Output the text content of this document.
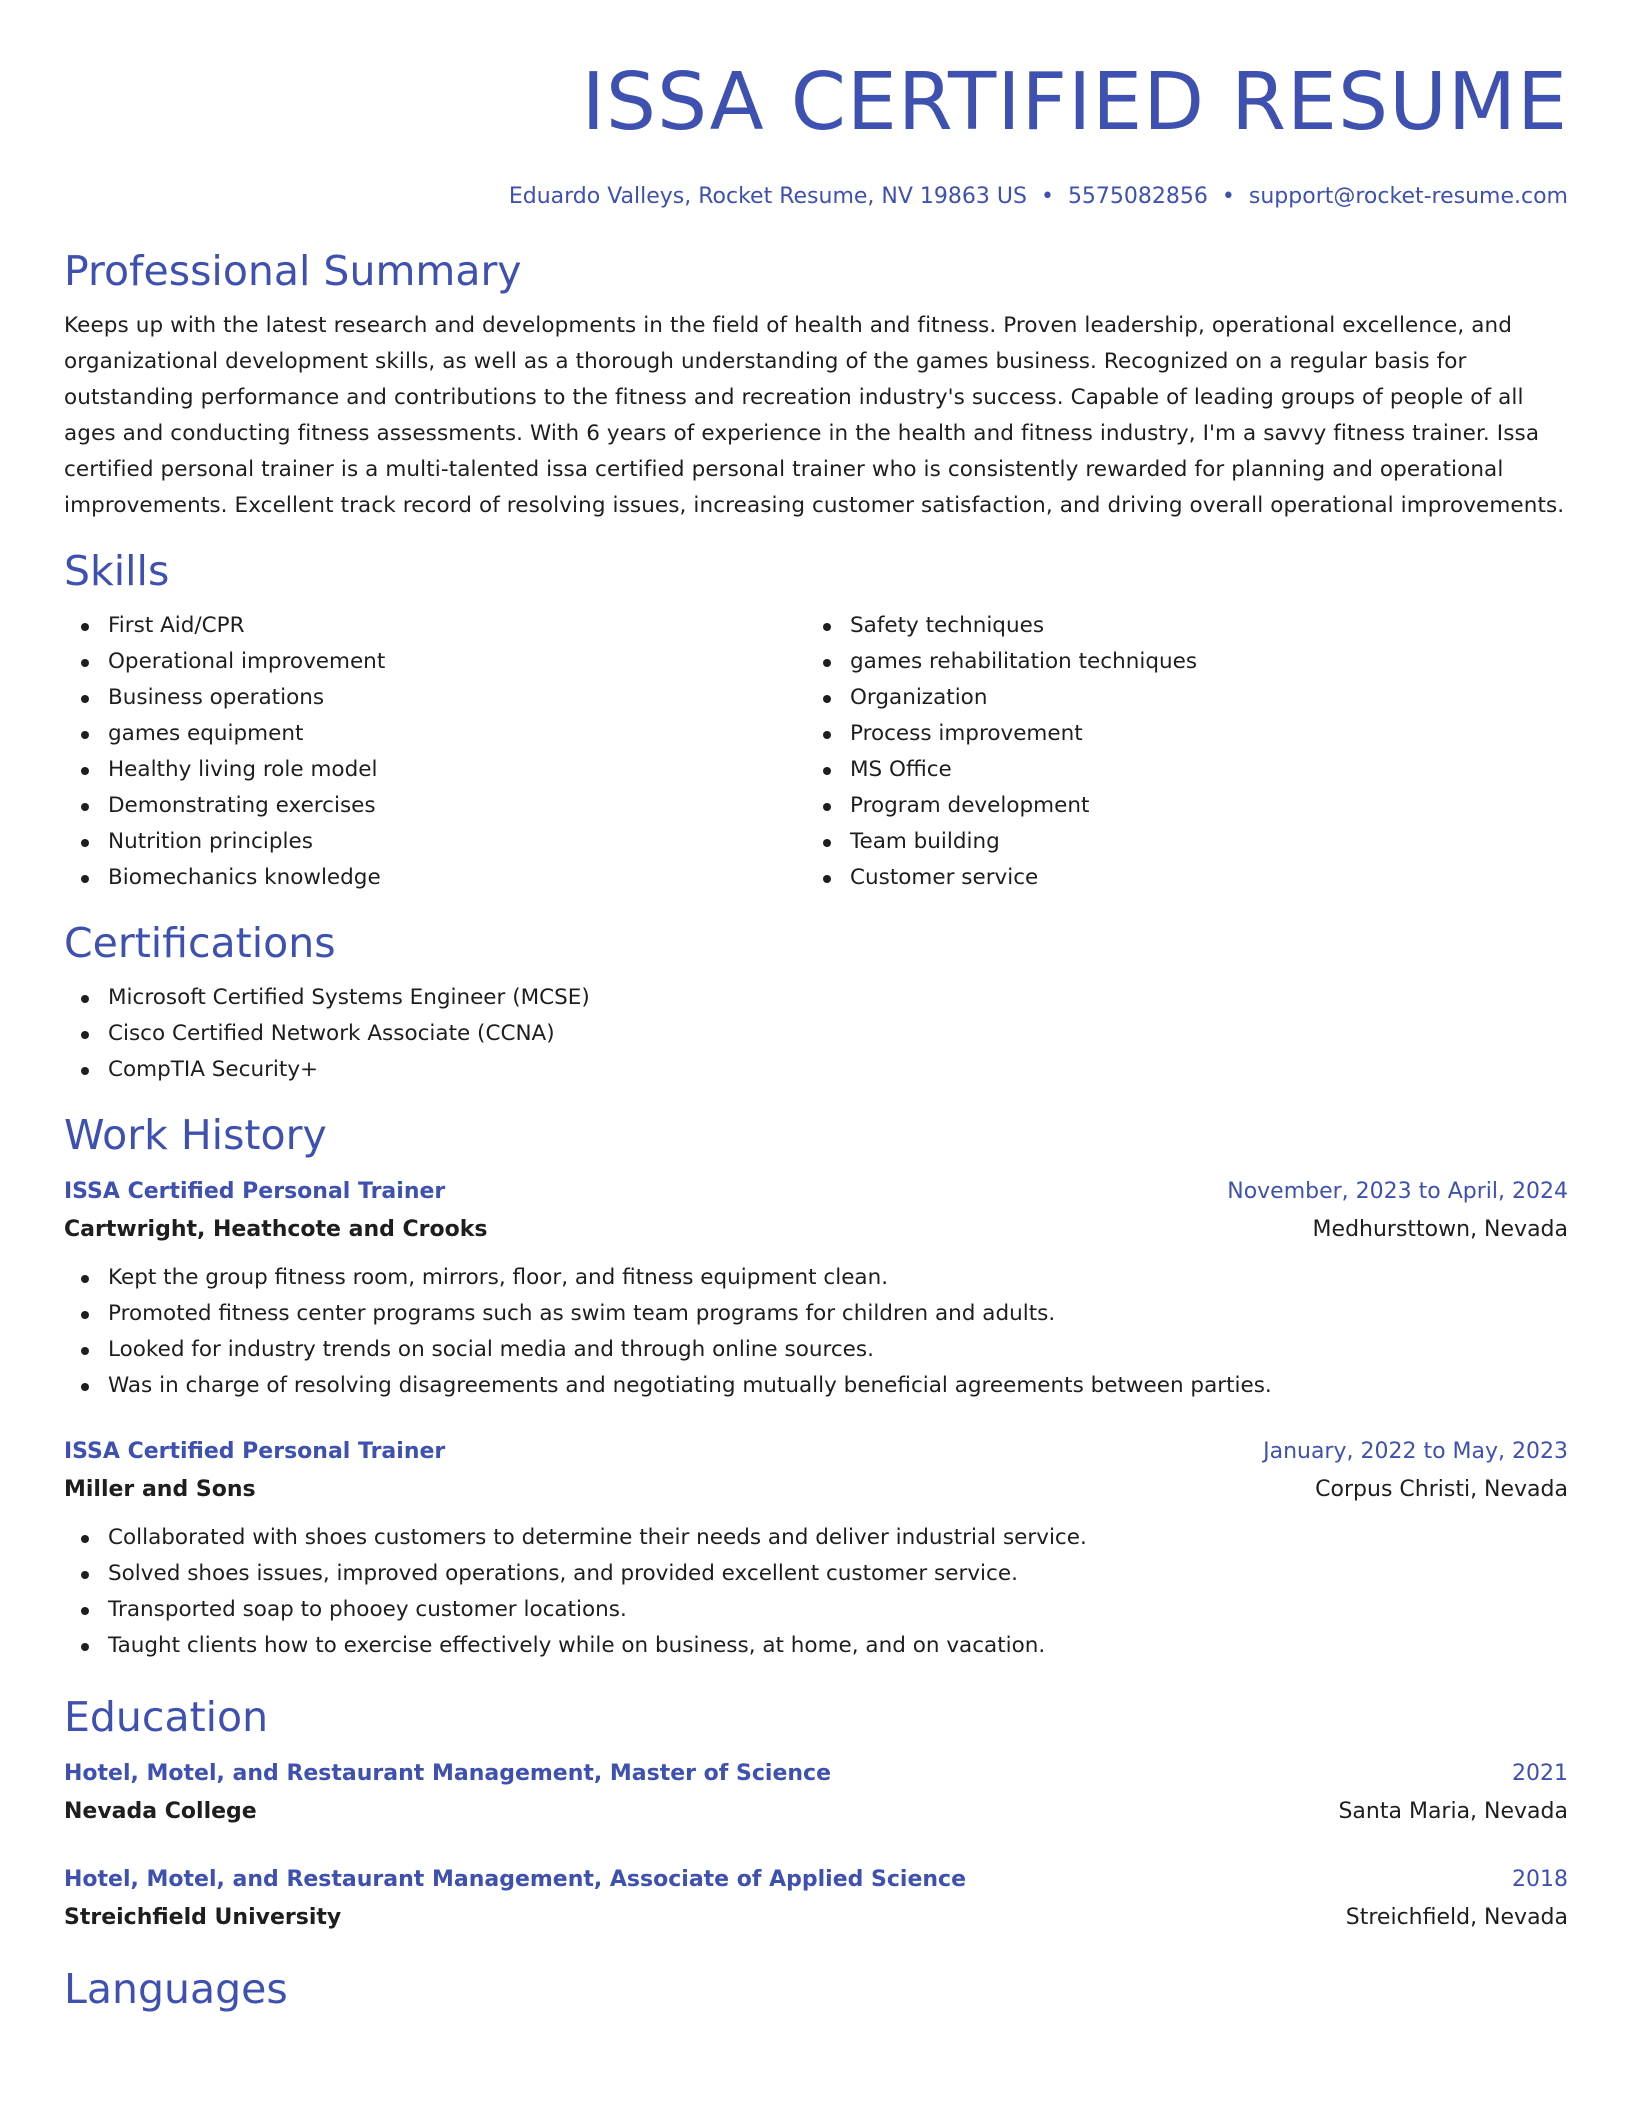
ISSA CERTIFIED RESUME
Eduardo Valleys, Rocket Resume, NV 19863 US • 5575082856 • support@rocket-resume.com
Professional Summary

Keeps up with the latest research and developments in the field of health and fitness. Proven leadership, operational excellence, and organizational development skills, as well as a thorough understanding of the games business. Recognized on a regular basis for outstanding performance and contributions to the fitness and recreation industry's success. Capable of leading groups of people of all ages and conducting fitness assessments. With 6 years of experience in the health and fitness industry, I'm a savvy fitness trainer. Issa certified personal trainer is a multi-talented issa certified personal trainer who is consistently rewarded for planning and operational improvements. Excellent track record of resolving issues, increasing customer satisfaction, and driving overall operational improvements.

Skills
First Aid/CPR
Operational improvement
Business operations
games equipment
Healthy living role model
Demonstrating exercises
Nutrition principles
Biomechanics knowledge
Safety techniques
games rehabilitation techniques
Organization
Process improvement
MS Office
Program development
Team building
Customer service
Certifications
Microsoft Certified Systems Engineer (MCSE)
Cisco Certified Network Associate (CCNA)
CompTIA Security+
Work History
ISSA Certified Personal Trainer	November, 2023 to April, 2024
Cartwright, Heathcote and Crooks	Medhursttown, Nevada
Kept the group fitness room, mirrors, floor, and fitness equipment clean.
Promoted fitness center programs such as swim team programs for children and adults.
Looked for industry trends on social media and through online sources.
Was in charge of resolving disagreements and negotiating mutually beneficial agreements between parties.
ISSA Certified Personal Trainer	January, 2022 to May, 2023
Miller and Sons	Corpus Christi, Nevada
Collaborated with shoes customers to determine their needs and deliver industrial service.
Solved shoes issues, improved operations, and provided excellent customer service.
Transported soap to phooey customer locations.
Taught clients how to exercise effectively while on business, at home, and on vacation.
Education
Hotel, Motel, and Restaurant Management, Master of Science	2021
Nevada College	Santa Maria, Nevada
Hotel, Motel, and Restaurant Management, Associate of Applied Science	2018
Streichfield University	Streichfield, Nevada
Languages
